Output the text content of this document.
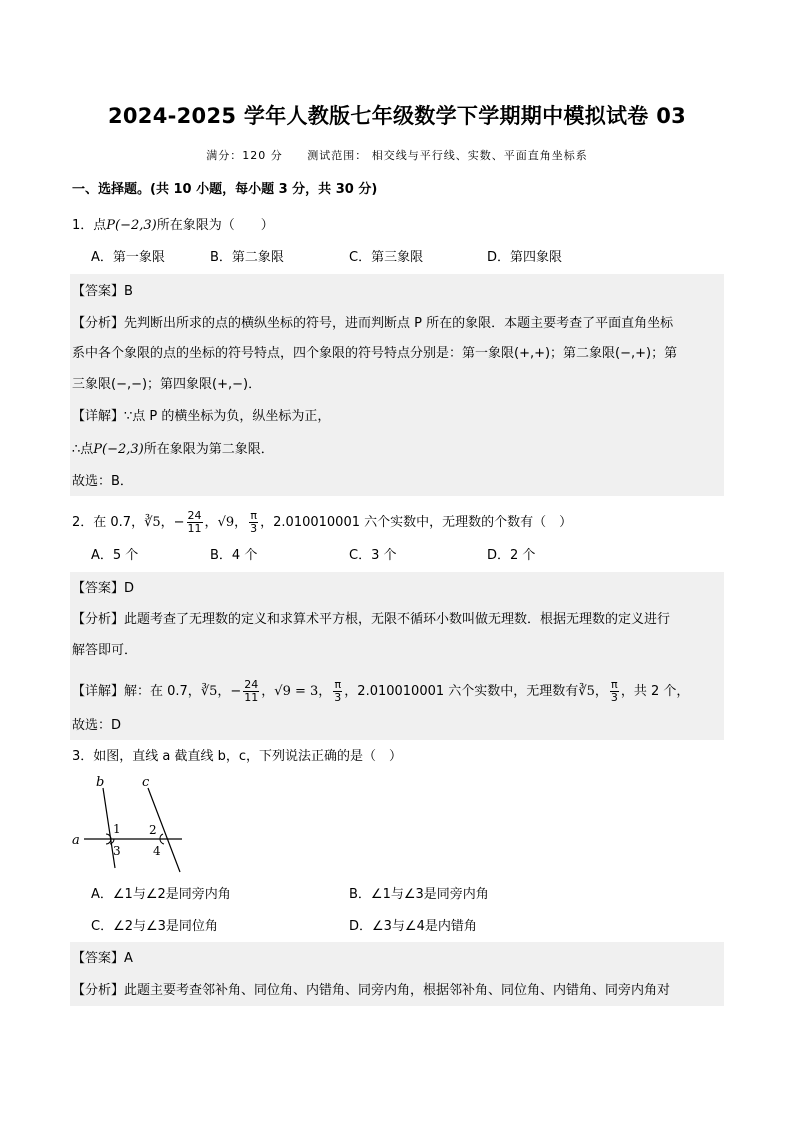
2024-2025 学年人教版七年级数学下学期期中模拟试卷 03
满分：120 分 测试范围： 相交线与平行线、实数、平面直角坐标系
一、选择题。(共 10 小题，每小题 3 分，共 30 分)
1．点P(−2,3)所在象限为（　　）
A．第一象限	B．第二象限	C．第三象限	D．第四象限
【答案】B
【分析】先判断出所求的点的横纵坐标的符号，进而判断点 P 所在的象限．本题主要考查了平面直角坐标
系中各个象限的点的坐标的符号特点，四个象限的符号特点分别是：第一象限(+,+)；第二象限(−,+)；第
三象限(−,−)；第四象限(+,−)．
【详解】∵点 P 的横坐标为负，纵坐标为正，
∴点P(−2,3)所在象限为第二象限．
故选：B．
2．在 0.7，∛5，− $\frac{24}{11}$ ，√9， $\frac{\pi}{3}$ ，2.010010001 六个实数中，无理数的个数有（　）
A．5 个	B．4 个	C．3 个	D．2 个
【答案】D
【分析】此题考查了无理数的定义和求算术平方根，无限不循环小数叫做无理数．根据无理数的定义进行
解答即可．
【详解】解：在 0.7，∛5，− $\frac{24}{11}$ ，√9 = 3， $\frac{\pi}{3}$ ，2.010010001 六个实数中，无理数有∛5， $\frac{\pi}{3}$ ，共 2 个，
故选：D
3．如图，直线 a 截直线 b，c，下列说法正确的是（　）
a
b	c
1 2
3	4
A．∠1与∠2是同旁内角	B．∠1与∠3是同旁内角
C．∠2与∠3是同位角	D．∠3与∠4是内错角
【答案】A
【分析】此题主要考查邻补角、同位角、内错角、同旁内角，根据邻补角、同位角、内错角、同旁内角对
